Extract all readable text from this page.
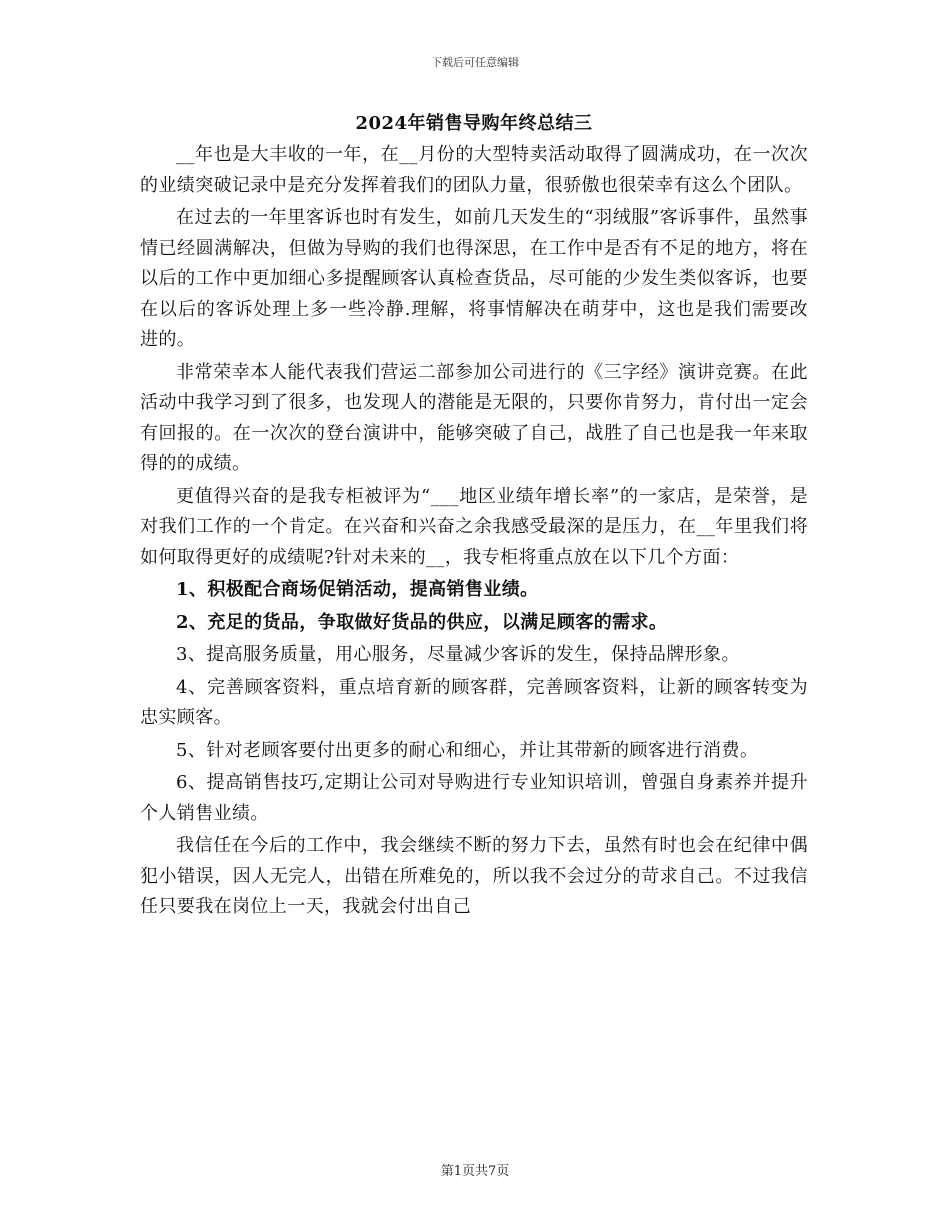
下载后可任意编辑
2024年销售导购年终总结三

__年也是大丰收的一年，在__月份的大型特卖活动取得了圆满成功，在一次次的业绩突破记录中是充分发挥着我们的团队力量，很骄傲也很荣幸有这么个团队。

在过去的一年里客诉也时有发生，如前几天发生的“羽绒服”客诉事件，虽然事情已经圆满解决，但做为导购的我们也得深思，在工作中是否有不足的地方，将在以后的工作中更加细心多提醒顾客认真检查货品，尽可能的少发生类似客诉，也要在以后的客诉处理上多一些冷静.理解，将事情解决在萌芽中，这也是我们需要改进的。

非常荣幸本人能代表我们营运二部参加公司进行的《三字经》演讲竞赛。在此活动中我学习到了很多，也发现人的潜能是无限的，只要你肯努力，肯付出一定会有回报的。在一次次的登台演讲中，能够突破了自己，战胜了自己也是我一年来取得的的成绩。

更值得兴奋的是我专柜被评为“___地区业绩年增长率”的一家店，是荣誉，是对我们工作的一个肯定。在兴奋和兴奋之余我感受最深的是压力，在__年里我们将如何取得更好的成绩呢?针对未来的__，我专柜将重点放在以下几个方面：

1、积极配合商场促销活动，提高销售业绩。

2、充足的货品，争取做好货品的供应，以满足顾客的需求。

3、提高服务质量，用心服务，尽量减少客诉的发生，保持品牌形象。

4、完善顾客资料，重点培育新的顾客群，完善顾客资料，让新的顾客转变为忠实顾客。

5、针对老顾客要付出更多的耐心和细心，并让其带新的顾客进行消费。

6、提高销售技巧,定期让公司对导购进行专业知识培训，曾强自身素养并提升个人销售业绩。

我信任在今后的工作中，我会继续不断的努力下去，虽然有时也会在纪律中偶犯小错误，因人无完人，出错在所难免的，所以我不会过分的苛求自己。不过我信任只要我在岗位上一天，我就会付出自己

第1页共7页
